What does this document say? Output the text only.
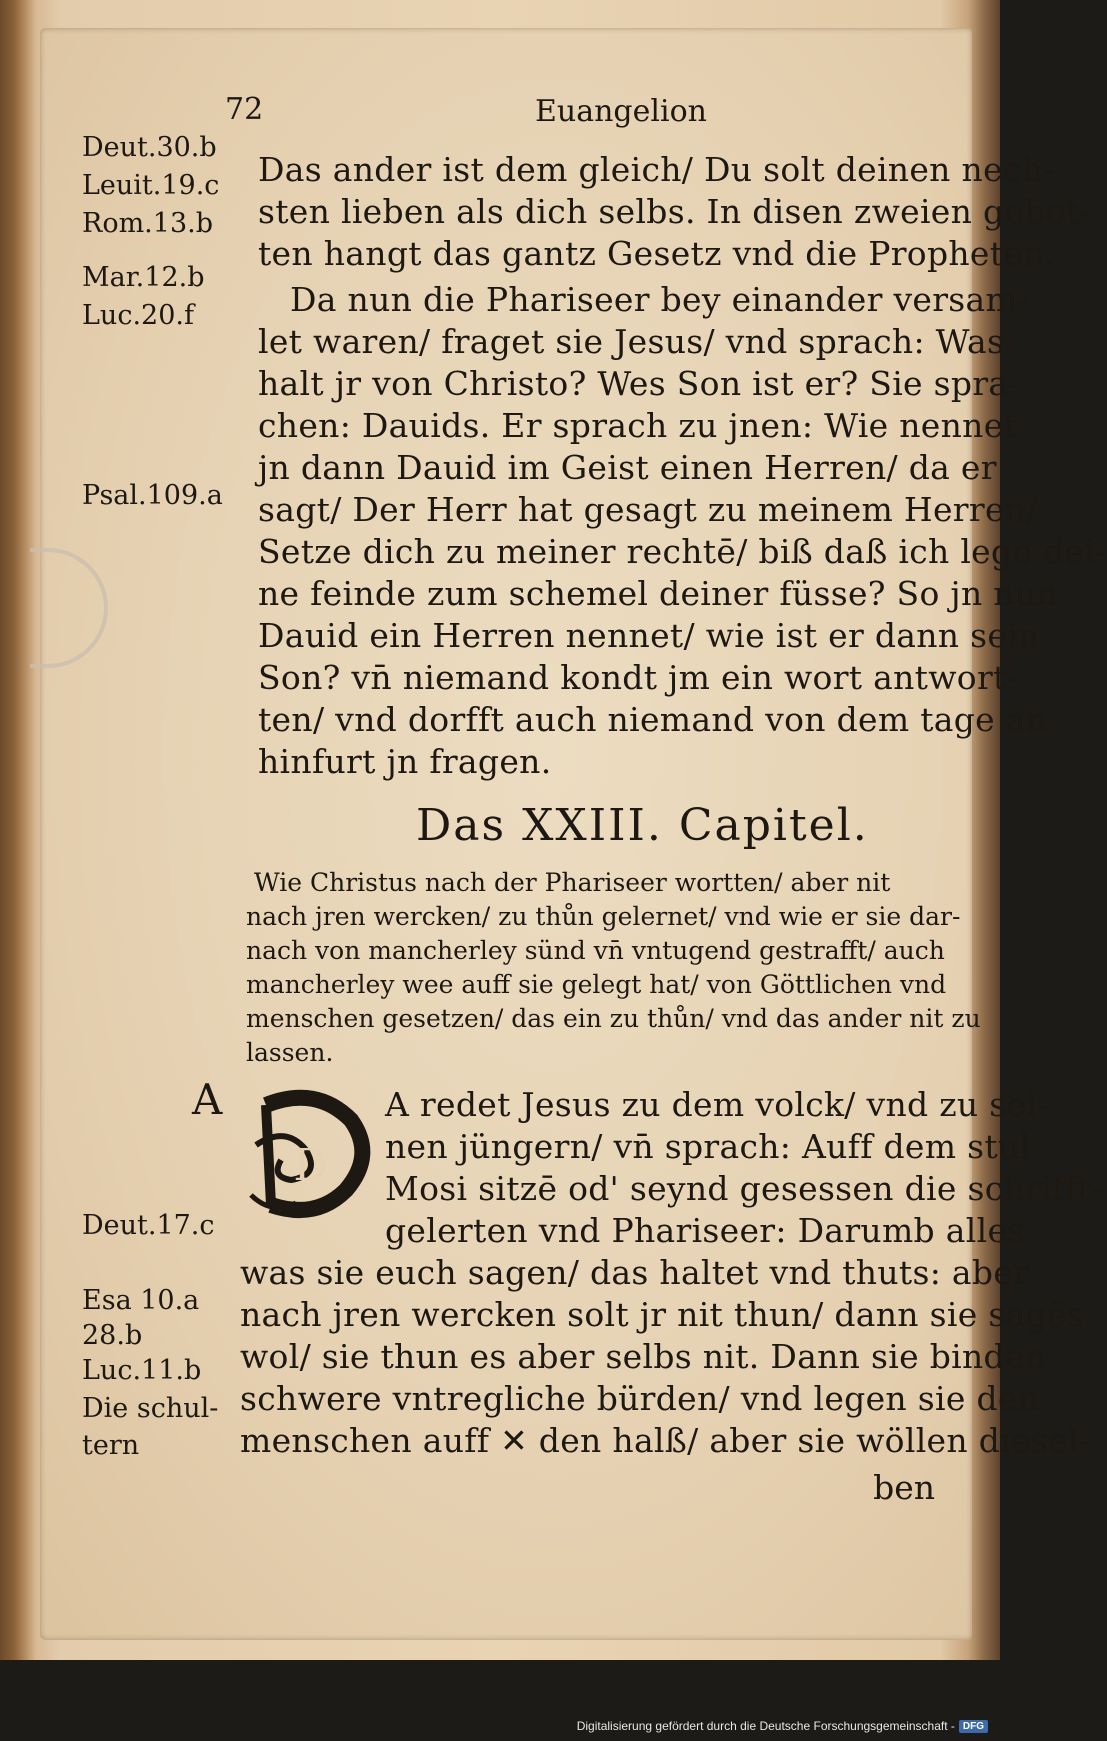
72	Euangelion
Deut.30.b
Leuit.19.c
Rom.13.b
Mar.12.b
Luc.20.f
Psal.109.a
Deut.17.c
Esa 10.a
28.b
Luc.11.b
Die schul-
tern
Das ander ist dem gleich/ Du solt deinen nech-
sten lieben als dich selbs. In disen zweien gebot-
ten hangt das gantz Gesetz vnd die Propheten.
Da nun die Phariseer bey einander versam-
let waren/ fraget sie Jesus/ vnd sprach: Was
halt jr von Christo? Wes Son ist er? Sie spra-
chen: Dauids. Er sprach zu jnen: Wie nennet
jn dann Dauid im Geist einen Herren/ da er
sagt/ Der Herr hat gesagt zu meinem Herren/
Setze dich zu meiner rechtē/ biß daß ich lege dei-
ne feinde zum schemel deiner füsse? So jn nun
Dauid ein Herren nennet/ wie ist er dann sein
Son? vn̄ niemand kondt jm ein wort antwort-
ten/ vnd dorfft auch niemand von dem tage an
hinfurt jn fragen.
Das XXIII. Capitel.
Wie Christus nach der Phariseer wortten/ aber nit
nach jren wercken/ zu thůn gelernet/ vnd wie er sie dar-
nach von mancherley sünd vn̄ vntugend gestrafft/ auch
mancherley wee auff sie gelegt hat/ von Göttlichen vnd
menschen gesetzen/ das ein zu thůn/ vnd das ander nit zu
lassen.
A
D
A redet Jesus zu dem volck/ vnd zu sei-
nen jüngern/ vn̄ sprach: Auff dem stul
Mosi sitzē od' seynd gesessen die schrifft-
gelerten vnd Phariseer: Darumb alles
was sie euch sagen/ das haltet vnd thuts: aber
nach jren wercken solt jr nit thun/ dann sie sagēs
wol/ sie thun es aber selbs nit. Dann sie binden
schwere vntregliche bürden/ vnd legen sie den
menschen auff ✕ den halß/ aber sie wöllen diesel-
ben
Digitalisierung gefördert durch die Deutsche Forschungsgemeinschaft - DFG
